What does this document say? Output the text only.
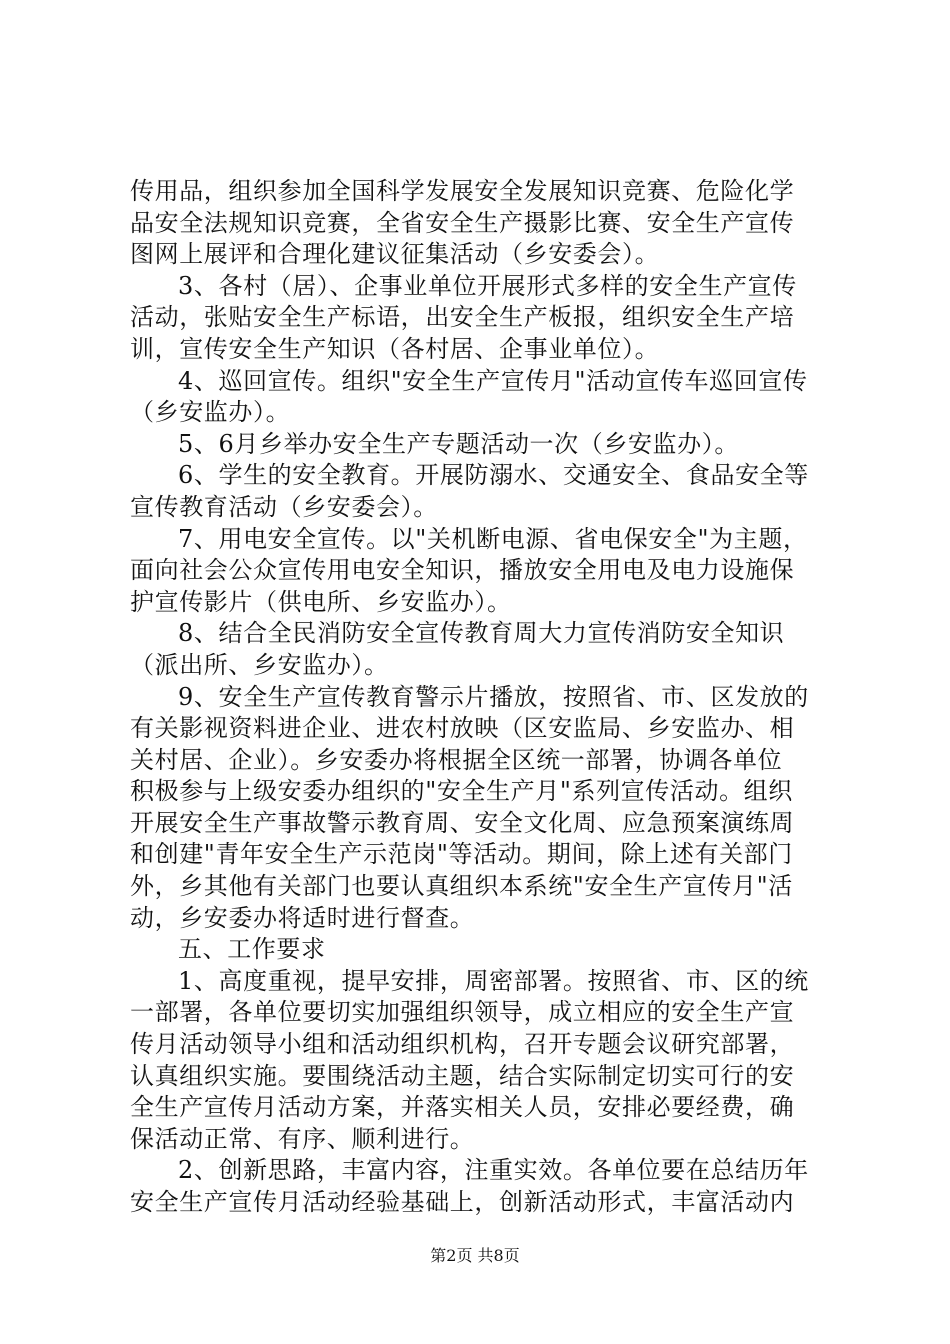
传用品，组织参加全国科学发展安全发展知识竞赛、危险化学
品安全法规知识竞赛，全省安全生产摄影比赛、安全生产宣传
图网上展评和合理化建议征集活动（乡安委会）。
3、各村（居）、企事业单位开展形式多样的安全生产宣传
活动，张贴安全生产标语，出安全生产板报，组织安全生产培
训，宣传安全生产知识（各村居、企事业单位）。
4、巡回宣传。组织"安全生产宣传月"活动宣传车巡回宣传
（乡安监办）。
5、6月乡举办安全生产专题活动一次（乡安监办）。
6、学生的安全教育。开展防溺水、交通安全、食品安全等
宣传教育活动（乡安委会）。
7、用电安全宣传。以"关机断电源、省电保安全"为主题，
面向社会公众宣传用电安全知识，播放安全用电及电力设施保
护宣传影片（供电所、乡安监办）。
8、结合全民消防安全宣传教育周大力宣传消防安全知识
（派出所、乡安监办）。
9、安全生产宣传教育警示片播放，按照省、市、区发放的
有关影视资料进企业、进农村放映（区安监局、乡安监办、相
关村居、企业）。乡安委办将根据全区统一部署，协调各单位
积极参与上级安委办组织的"安全生产月"系列宣传活动。组织
开展安全生产事故警示教育周、安全文化周、应急预案演练周
和创建"青年安全生产示范岗"等活动。期间，除上述有关部门
外，乡其他有关部门也要认真组织本系统"安全生产宣传月"活
动，乡安委办将适时进行督查。
五、工作要求
1、高度重视，提早安排，周密部署。按照省、市、区的统
一部署，各单位要切实加强组织领导，成立相应的安全生产宣
传月活动领导小组和活动组织机构，召开专题会议研究部署，
认真组织实施。要围绕活动主题，结合实际制定切实可行的安
全生产宣传月活动方案，并落实相关人员，安排必要经费，确
保活动正常、有序、顺利进行。
2、创新思路，丰富内容，注重实效。各单位要在总结历年
安全生产宣传月活动经验基础上，创新活动形式，丰富活动内
第2页 共8页
